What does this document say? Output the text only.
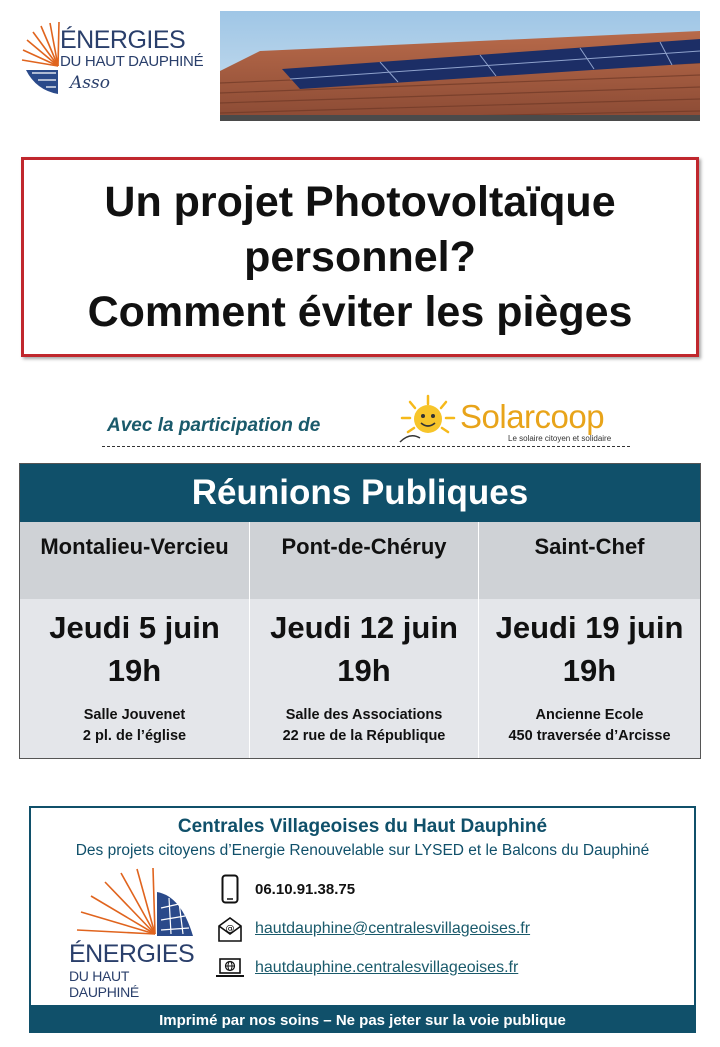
ÉNERGIES
DU HAUT DAUPHINÉ
Asso
Un projet Photovoltaïque
personnel?
Comment éviter les pièges
Avec la participation de	Solarcoop
Le solaire citoyen et solidaire
Réunions Publiques
Montalieu-Vercieu
Jeudi 5 juin
19h
Salle Jouvenet
2 pl. de l’église
Pont-de-Chéruy
Jeudi 12 juin
19h
Salle des Associations
22 rue de la République
Saint-Chef
Jeudi 19 juin
19h
Ancienne Ecole
450 traversée d’Arcisse
Centrales Villageoises du Haut Dauphiné
Des projets citoyens d’Energie Renouvelable sur LYSED et le Balcons du Dauphiné
ÉNERGIES
DU HAUT DAUPHINÉ
06.10.91.38.75
@ hautdauphine@centralesvillageoises.fr
hautdauphine.centralesvillageoises.fr
Imprimé par nos soins – Ne pas jeter sur la voie publique
